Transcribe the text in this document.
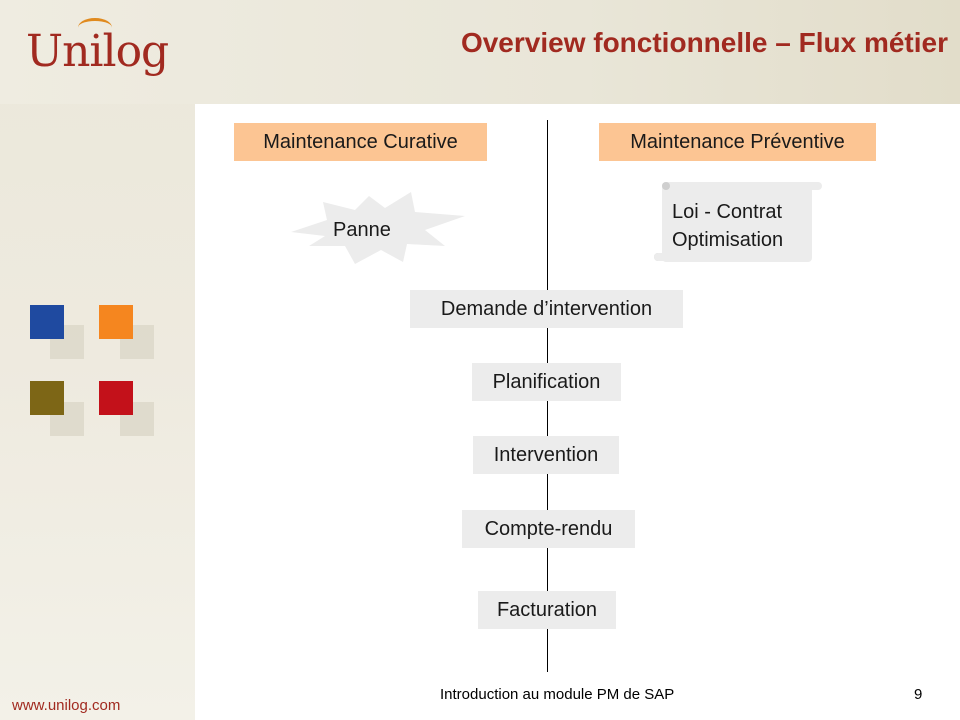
Unilog	Overview fonctionnelle – Flux métier
Maintenance Curative	Maintenance Préventive
Panne
Loi - Contrat
Optimisation
Demande d’intervention
Planification
Intervention
Compte-rendu
Facturation
www.unilog.com
Introduction au module PM de SAP	9
